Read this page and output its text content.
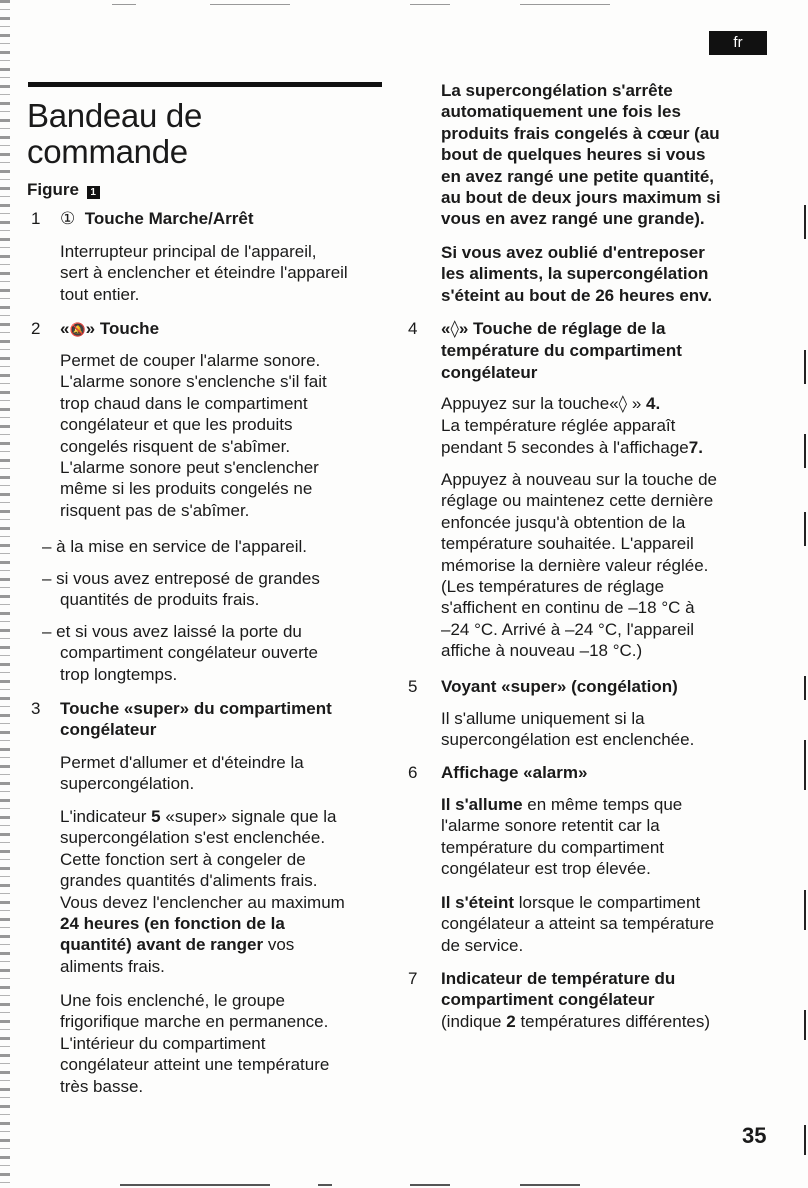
fr
Bandeau de
commande
Figure 1
1 ① Touche Marche/Arrêt
Interrupteur principal de l'appareil,
sert à enclencher et éteindre l'appareil
tout entier.
2 «🔕» Touche
Permet de couper l'alarme sonore.
L'alarme sonore s'enclenche s'il fait
trop chaud dans le compartiment
congélateur et que les produits
congelés risquent de s'abîmer.
L'alarme sonore peut s'enclencher
même si les produits congelés ne
risquent pas de s'abîmer.
– à la mise en service de l'appareil.
– si vous avez entreposé de grandes
quantités de produits frais.
– et si vous avez laissé la porte du
compartiment congélateur ouverte
trop longtemps.
3 Touche «super» du compartiment
congélateur
Permet d'allumer et d'éteindre la
supercongélation.
L'indicateur 5 «super» signale que la
supercongélation s'est enclenchée.
Cette fonction sert à congeler de
grandes quantités d'aliments frais.
Vous devez l'enclencher au maximum
24 heures (en fonction de la
quantité) avant de ranger vos
aliments frais.
Une fois enclenché, le groupe
frigorifique marche en permanence.
L'intérieur du compartiment
congélateur atteint une température
très basse.
La supercongélation s'arrête
automatiquement une fois les
produits frais congelés à cœur (au
bout de quelques heures si vous
en avez rangé une petite quantité,
au bout de deux jours maximum si
vous en avez rangé une grande).
Si vous avez oublié d'entreposer
les aliments, la supercongélation
s'éteint au bout de 26 heures env.
4 «◊» Touche de réglage de la
température du compartiment
congélateur
Appuyez sur la touche«◊ » 4.
La température réglée apparaît
pendant 5 secondes à l'affichage7.
Appuyez à nouveau sur la touche de
réglage ou maintenez cette dernière
enfoncée jusqu'à obtention de la
température souhaitée. L'appareil
mémorise la dernière valeur réglée.
(Les températures de réglage
s'affichent en continu de –18 °C à
–24 °C. Arrivé à –24 °C, l'appareil
affiche à nouveau –18 °C.)
5 Voyant «super» (congélation)
Il s'allume uniquement si la
supercongélation est enclenchée.
6 Affichage «alarm»
Il s'allume en même temps que
l'alarme sonore retentit car la
température du compartiment
congélateur est trop élevée.
Il s'éteint lorsque le compartiment
congélateur a atteint sa température
de service.
7 Indicateur de température du
compartiment congélateur
(indique 2 températures différentes)
35
